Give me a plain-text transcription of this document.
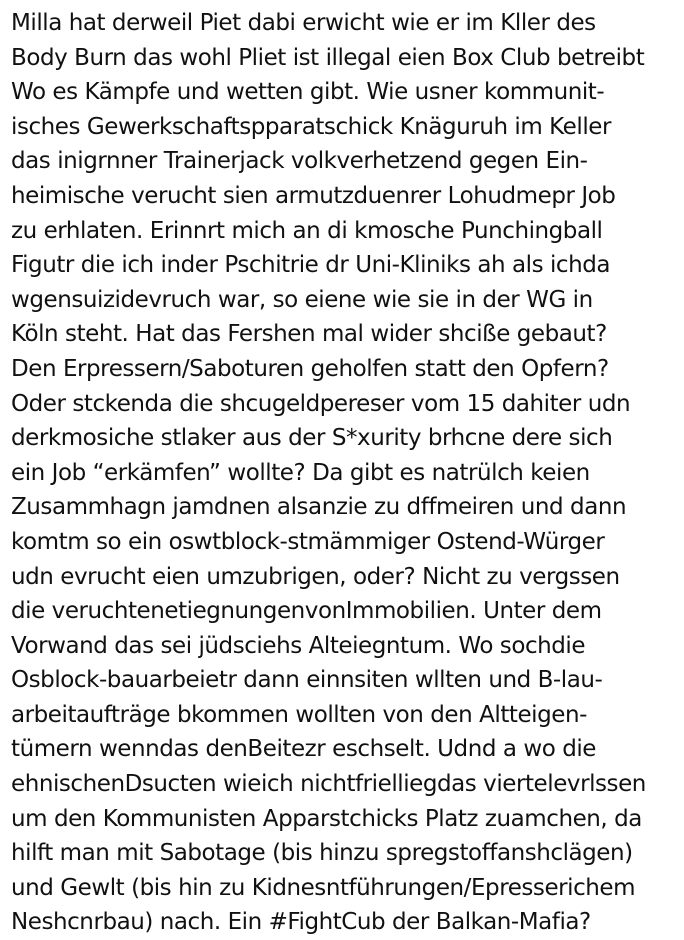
Milla hat derweil Piet dabi erwicht wie er im Kller des
Body Burn das wohl Pliet ist illegal eien Box Club betreibt
Wo es Kämpfe und wetten gibt. Wie usner kommunit-
isches Gewerkschaftspparatschick Knäguruh im Keller
das inigrnner Trainerjack volkverhetzend gegen Ein-
heimische verucht sien armutzduenrer Lohudmepr Job
zu erhlaten. Erinnrt mich an di kmosche Punchingball
Figutr die ich inder Pschitrie dr Uni-Kliniks ah als ichda
wgensuizidevruch war, so eiene wie sie in der WG in
Köln steht. Hat das Fershen mal wider shcißе gebaut?
Den Erpressern/Saboturen geholfen statt den Opfern?
Oder stckenda die shcugeldpereser vom 15 dahiter udn
derkmosiche stlaker aus der S*xurity brhcne dere sich
ein Job “erkämfen” wollte? Da gibt es natrülch keien
Zusammhagn jamdnen alsanzie zu dffmeiren und dann
komtm so ein oswtblock-stmämmiger Ostend-Würger
udn evrucht eien umzubrigen, oder? Nicht zu vergssen
die veruchtenetiegnungenvonImmobilien. Unter dem
Vorwand das sei jüdsciehs Alteiegntum. Wo sochdie
Osblock-bauarbeietr dann einnsiten wllten und B-lau-
arbeitaufträge bkommen wollten von den Altteigen-
tümern wenndas denBeitezr eschselt. Udnd a wo die
ehnischenDsucten wieich nichtfrielliegdas viertelevrlssen
um den Kommunisten Apparstchicks Platz zuamchen, da
hilft man mit Sabotage (bis hinzu spregstoffanshclägen)
und Gewlt (bis hin zu Kidnesntführungen/Epresserichem
Neshcnrbau) nach. Ein #FightCub der Balkan-Mafia?
